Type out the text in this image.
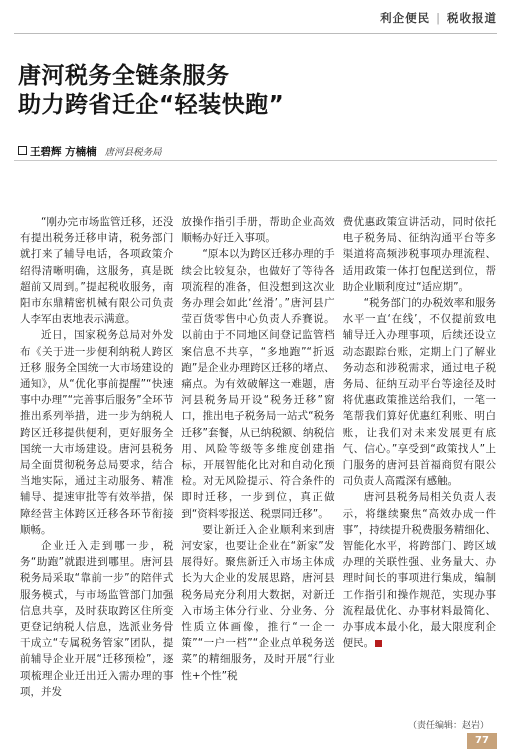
利企便民 | 税收报道
唐河税务全链条服务
助力跨省迁企“轻装快跑”
王碧辉 方楠楠 唐河县税务局

“刚办完市场监管迁移，还没有提出税务迁移申请，税务部门就打来了辅导电话，各项政策介绍得清晰明确，这服务，真是既超前又周到。”提起税收服务，南阳市东鼎精密机械有限公司负责人李军由衷地表示满意。

近日，国家税务总局对外发布《关于进一步便利纳税人跨区迁移 服务全国统一大市场建设的通知》，从“优化事前提醒”“快速事中办理”“完善事后服务”全环节推出系列举措，进一步为纳税人跨区迁移提供便利，更好服务全国统一大市场建设。唐河县税务局全面贯彻税务总局要求，结合当地实际，通过主动服务、精准辅导、提速审批等有效举措，保障经营主体跨区迁移各环节衔接顺畅。

企业迁入走到哪一步，税务“助跑”就跟进到哪里。唐河县税务局采取“靠前一步”的陪伴式服务模式，与市场监管部门加强信息共享，及时获取跨区住所变更登记纳税人信息，选派业务骨干成立“专属税务管家”团队，提前辅导企业开展“迁移预检”，逐项梳理企业迁出迁入需办理的事项，并发

放操作指引手册，帮助企业高效顺畅办好迁入事项。

“原本以为跨区迁移办理的手续会比较复杂，也做好了等待各项流程的准备，但没想到这次业务办理会如此‘丝滑’。”唐河县广莹百货零售中心负责人乔賽说。以前由于不同地区间登记监管档案信息不共享，“多地跑”“折返跑”是企业办理跨区迁移的堵点、痛点。为有效破解这一难题，唐河县税务局开设“税务迁移”窗口，推出电子税务局一站式“税务迁移”套餐，从已纳税额、纳税信用、风险等级等多维度创建指标，开展智能化比对和自动化预检。对无风险提示、符合条件的即时迁移，一步到位，真正做到“资料零报送、税票同迁移”。

要让新迁入企业顺利来到唐河安家，也要让企业在“新家”发展得好。聚焦新迁入市场主体成长为大企业的发展思路，唐河县税务局充分利用大数据，对新迁入市场主体分行业、分业务、分性质立体画像，推行“一企一策”“一户一档”“企业点单税务送菜”的精细服务，及时开展“行业性+个性”税

费优惠政策宣讲活动，同时依托电子税务局、征纳沟通平台等多渠道将高频涉税事项办理流程、适用政策一体打包配送到位，帮助企业顺利度过“适应期”。

“税务部门的办税效率和服务水平一直‘在线’，不仅提前致电辅导迁入办理事项，后续还设立动态跟踪台账，定期上门了解业务动态和涉税需求，通过电子税务局、征纳互动平台等途径及时将优惠政策推送给我们，一笔一笔帮我们算好优惠红利账、明白账，让我们对未来发展更有底气、信心。”享受到“政策找人”上门服务的唐河县首福商贸有限公司负责人高霞深有感触。

唐河县税务局相关负责人表示，将继续聚焦“高效办成一件事”，持续提升税费服务精细化、智能化水平，将跨部门、跨区域办理的关联性强、业务量大、办理时间长的事项进行集成，编制工作指引和操作规范，实现办事流程最优化、办事材料最简化、办事成本最小化，最大限度利企便民。

（责任编辑：赵岩）
77
